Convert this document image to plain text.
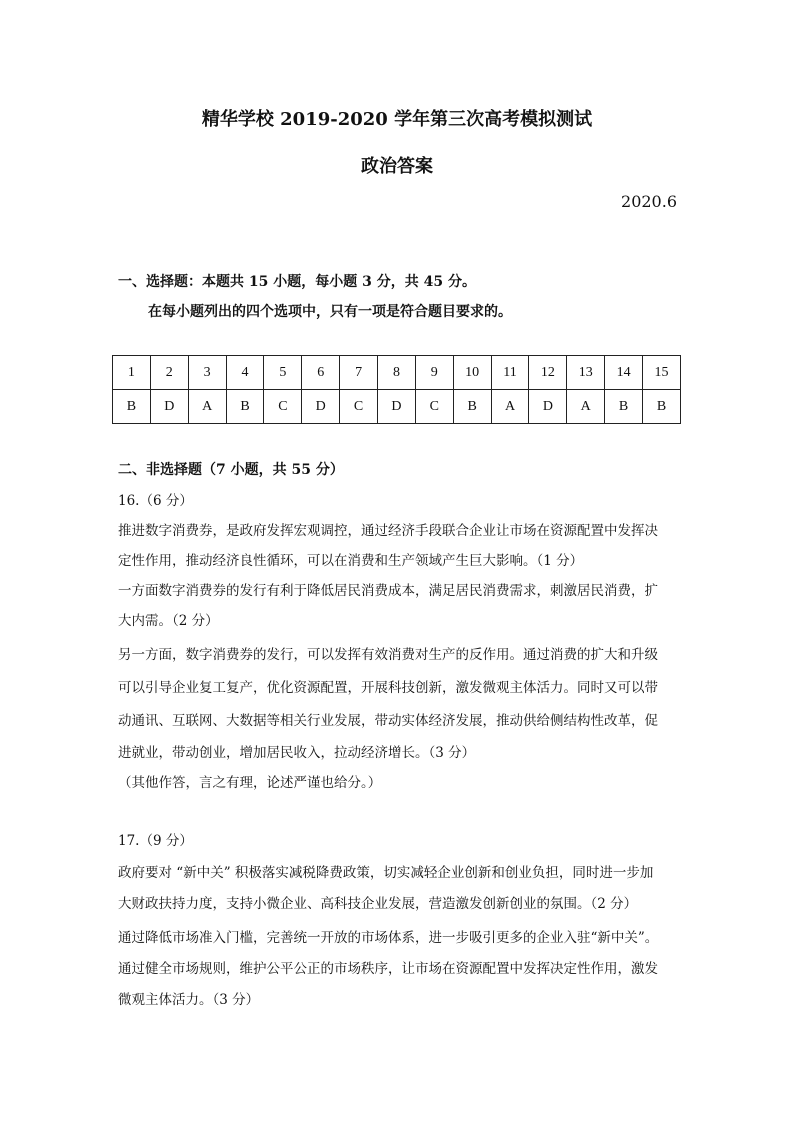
精华学校 2019-2020 学年第三次高考模拟测试
政治答案
2020.6
一、选择题：本题共 15 小题，每小题 3 分，共 45 分。
在每小题列出的四个选项中，只有一项是符合题目要求的。
1	2	3	4	5	6	7	8	9	10	11	12	13	14	15
B	D	A	B	C	D	C	D	C	B	A	D	A	B	B
二、非选择题（7 小题，共 55 分）
16.（6 分）
推进数字消费券，是政府发挥宏观调控，通过经济手段联合企业让市场在资源配置中发挥决
定性作用，推动经济良性循环，可以在消费和生产领域产生巨大影响。（1 分）
一方面数字消费券的发行有利于降低居民消费成本，满足居民消费需求，刺激居民消费，扩
大内需。（2 分）
另一方面，数字消费券的发行，可以发挥有效消费对生产的反作用。通过消费的扩大和升级
可以引导企业复工复产，优化资源配置，开展科技创新，激发微观主体活力。同时又可以带
动通讯、互联网、大数据等相关行业发展，带动实体经济发展，推动供给侧结构性改革，促
进就业，带动创业，增加居民收入，拉动经济增长。（3 分）
（其他作答，言之有理，论述严谨也给分。）
17.（9 分）
政府要对 “新中关” 积极落实减税降费政策，切实减轻企业创新和创业负担，同时进一步加
大财政扶持力度，支持小微企业、高科技企业发展，营造激发创新创业的氛围。（2 分）
通过降低市场准入门槛，完善统一开放的市场体系，进一步吸引更多的企业入驻“新中关”。
通过健全市场规则，维护公平公正的市场秩序，让市场在资源配置中发挥决定性作用，激发
微观主体活力。（3 分）
